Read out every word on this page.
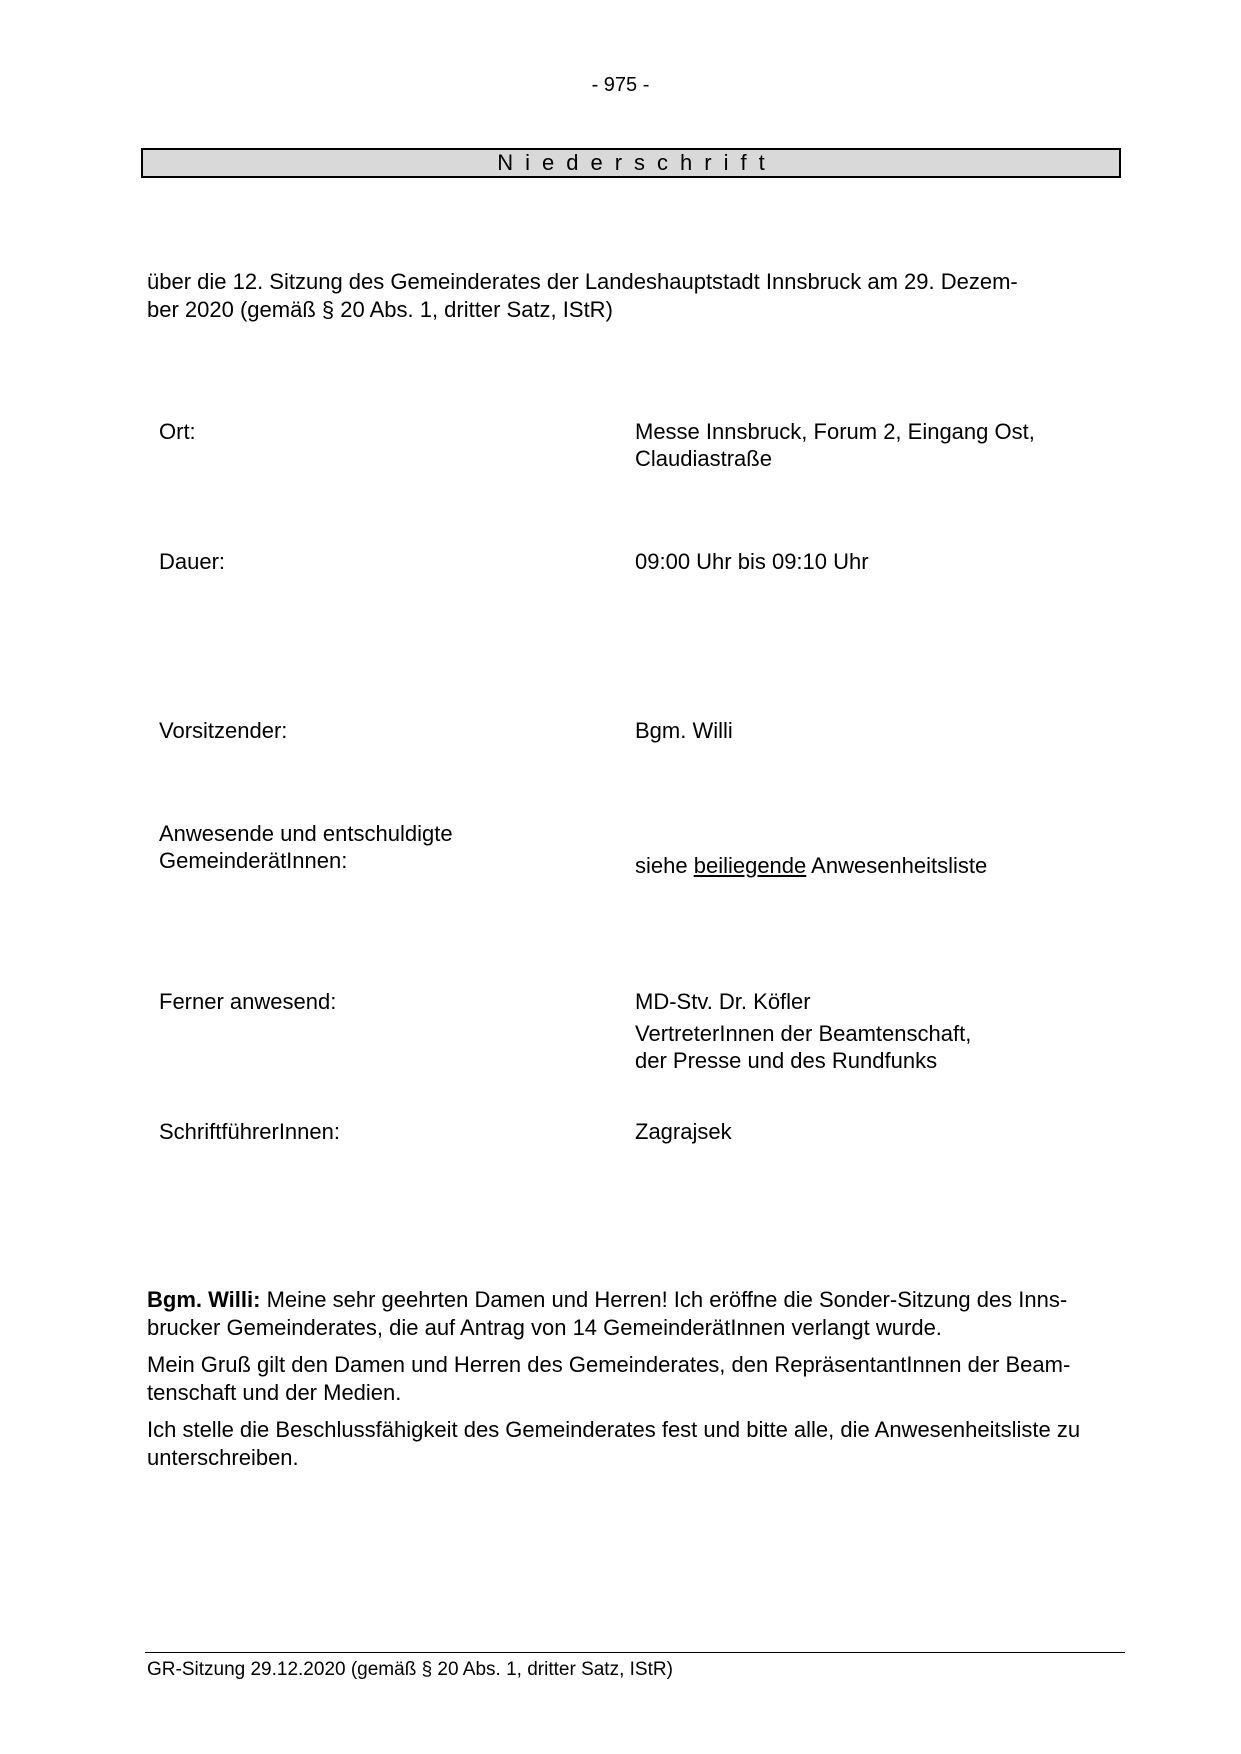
- 975 -
Niederschrift
über die 12. Sitzung des Gemeinderates der Landeshauptstadt Innsbruck am 29. Dezem-
ber 2020 (gemäß § 20 Abs. 1, dritter Satz, IStR)
Ort:	Messe Innsbruck, Forum 2, Eingang Ost,
Claudiastraße
Dauer:	09:00 Uhr bis 09:10 Uhr
Vorsitzender:	Bgm. Willi
Anwesende und entschuldigte
GemeinderätInnen:	siehe beiliegende Anwesenheitsliste
Ferner anwesend:	MD-Stv. Dr. Köfler
VertreterInnen der Beamtenschaft,
der Presse und des Rundfunks
SchriftführerInnen:	Zagrajsek

Bgm. Willi: Meine sehr geehrten Damen und Herren! Ich eröffne die Sonder-Sitzung des Inns-

brucker Gemeinderates, die auf Antrag von 14 GemeinderätInnen verlangt wurde.

Mein Gruß gilt den Damen und Herren des Gemeinderates, den RepräsentantInnen der Beam-

tenschaft und der Medien.

Ich stelle die Beschlussfähigkeit des Gemeinderates fest und bitte alle, die Anwesenheitsliste zu

unterschreiben.

GR-Sitzung 29.12.2020 (gemäß § 20 Abs. 1, dritter Satz, IStR)
